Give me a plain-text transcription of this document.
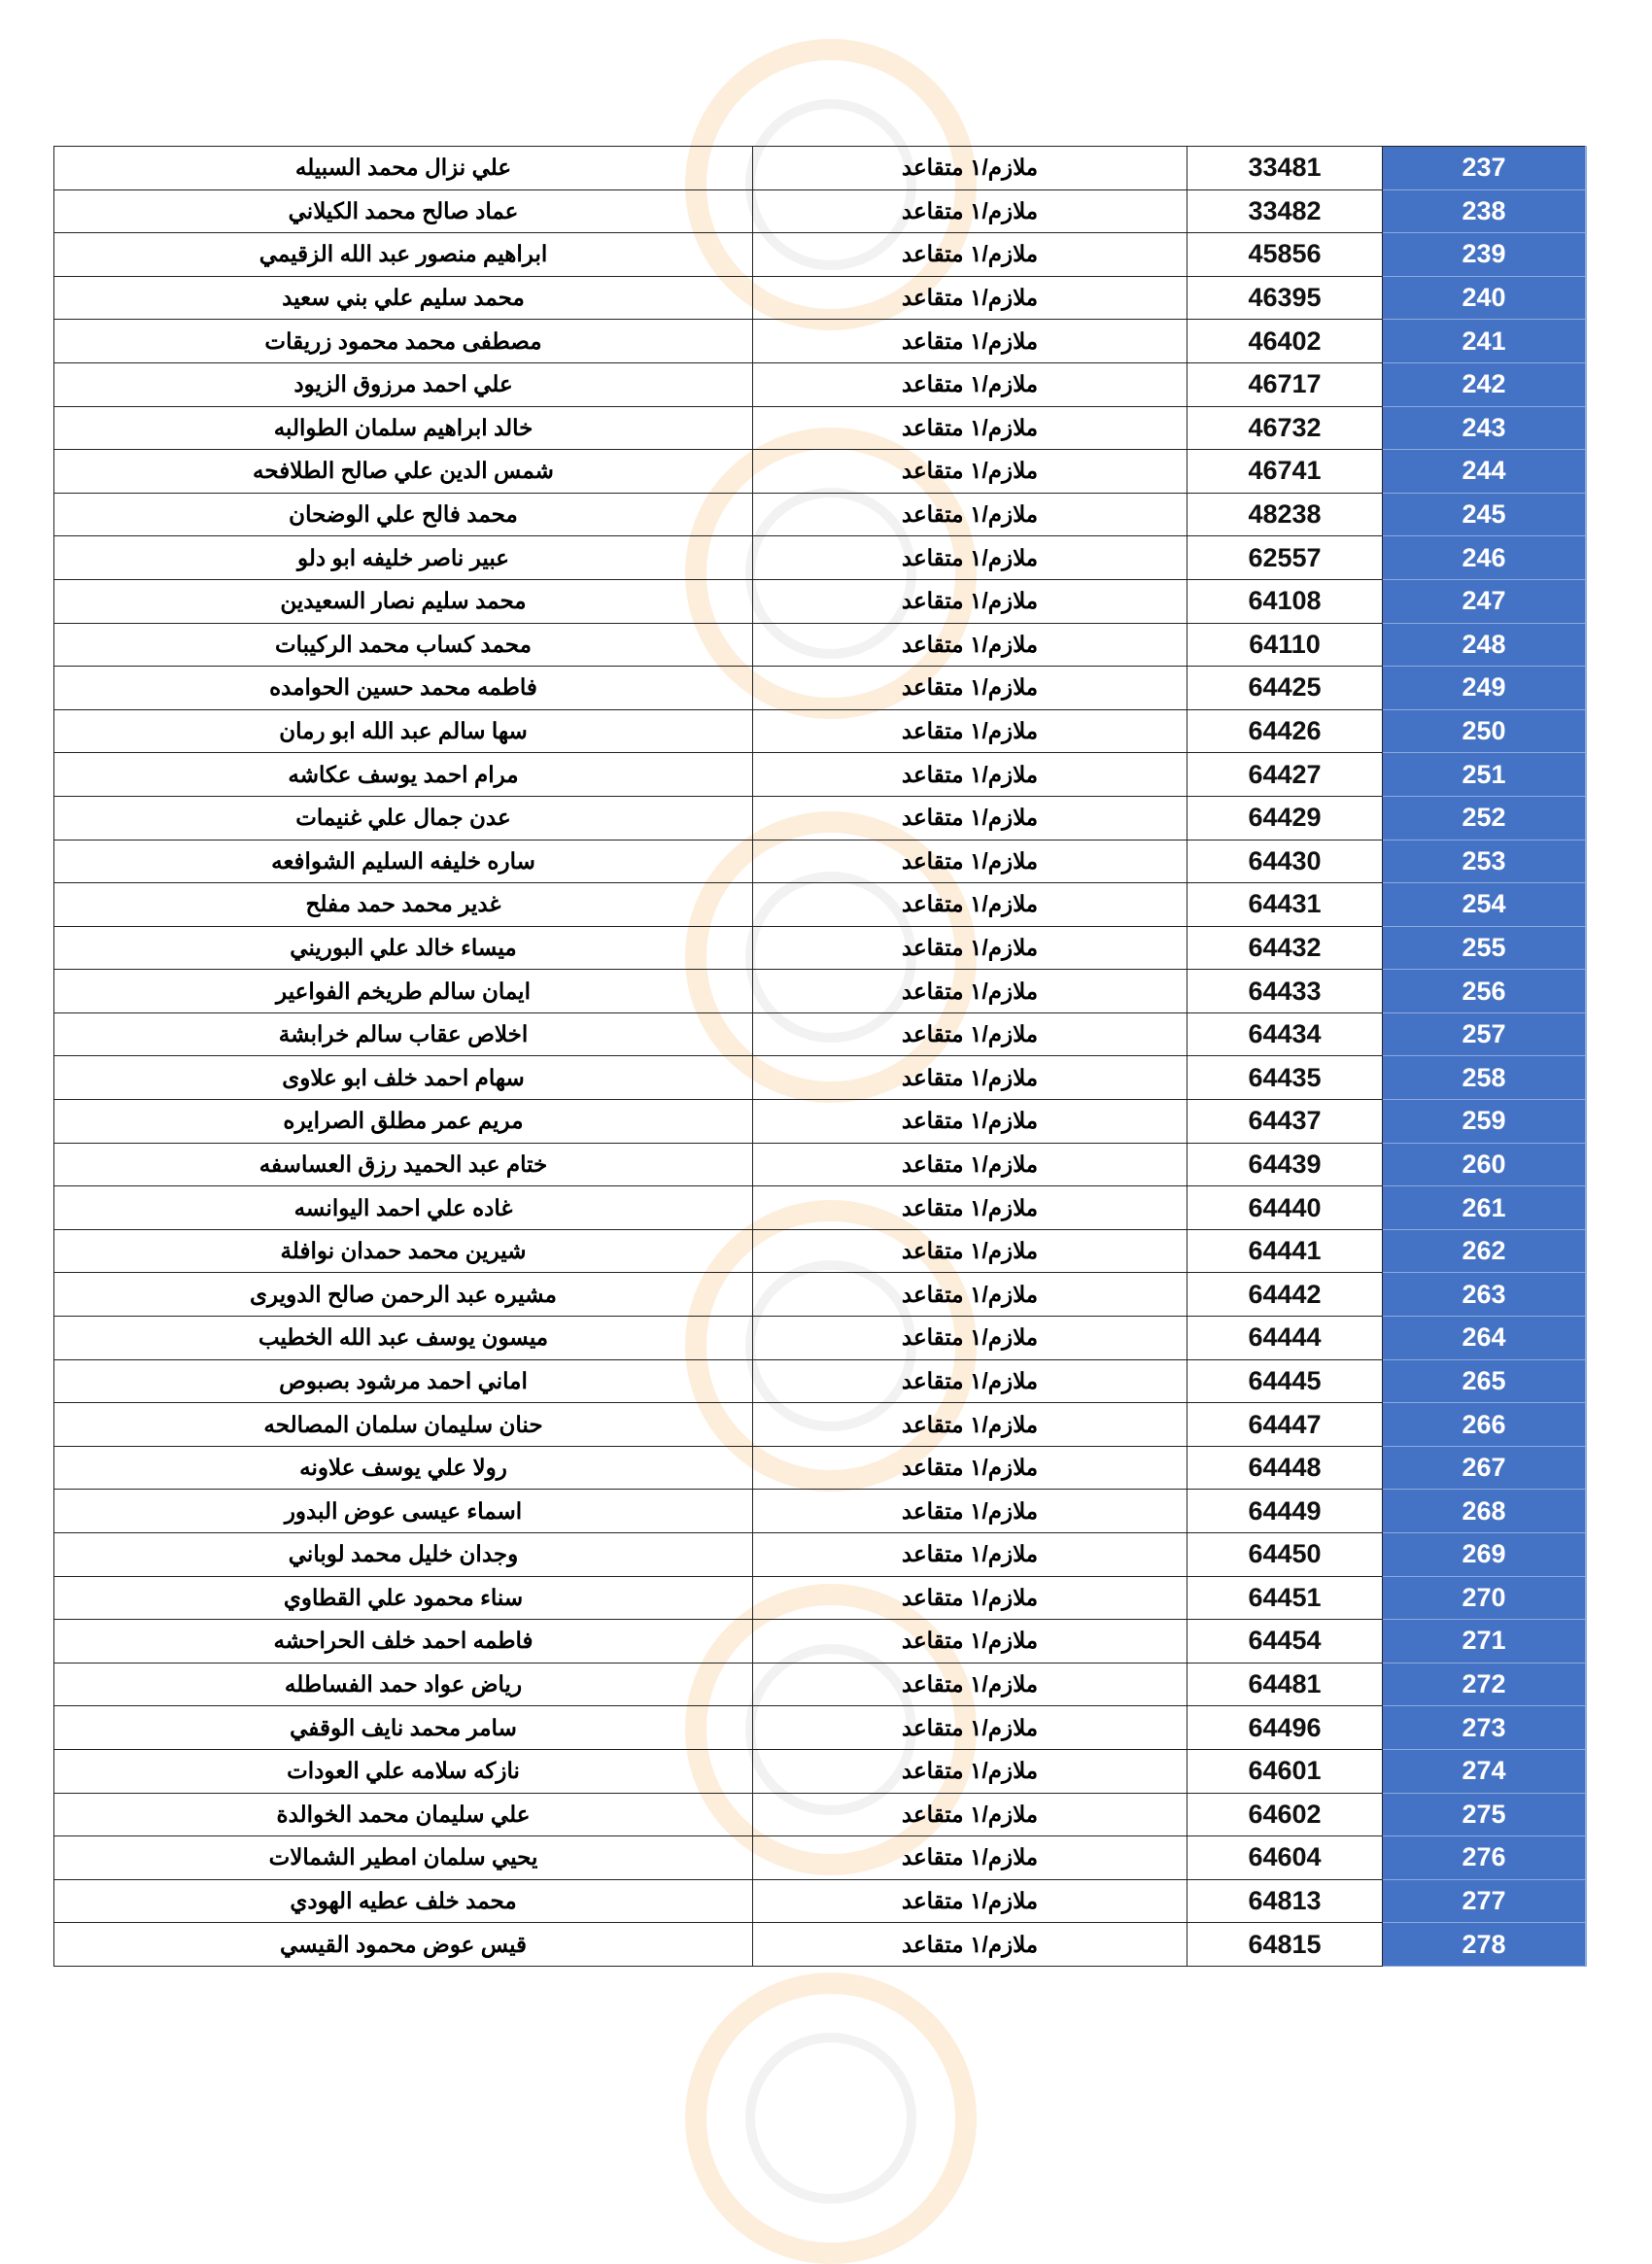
علي نزال محمد السبيله	ملازم/١ متقاعد	33481	237
عماد صالح محمد الكيلاني	ملازم/١ متقاعد	33482	238
ابراهيم منصور عبد الله الزقيمي	ملازم/١ متقاعد	45856	239
محمد سليم علي بني سعيد	ملازم/١ متقاعد	46395	240
مصطفى محمد محمود زريقات	ملازم/١ متقاعد	46402	241
علي احمد مرزوق الزيود	ملازم/١ متقاعد	46717	242
خالد ابراهيم سلمان الطوالبه	ملازم/١ متقاعد	46732	243
شمس الدين علي صالح الطلافحه	ملازم/١ متقاعد	46741	244
محمد فالح علي الوضحان	ملازم/١ متقاعد	48238	245
عبير ناصر خليفه ابو دلو	ملازم/١ متقاعد	62557	246
محمد سليم نصار السعيدين	ملازم/١ متقاعد	64108	247
محمد كساب محمد الركيبات	ملازم/١ متقاعد	64110	248
فاطمه محمد حسين الحوامده	ملازم/١ متقاعد	64425	249
سها سالم عبد الله ابو رمان	ملازم/١ متقاعد	64426	250
مرام احمد يوسف عكاشه	ملازم/١ متقاعد	64427	251
عدن جمال علي غنيمات	ملازم/١ متقاعد	64429	252
ساره خليفه السليم الشوافعه	ملازم/١ متقاعد	64430	253
غدير محمد حمد مفلح	ملازم/١ متقاعد	64431	254
ميساء خالد علي البوريني	ملازم/١ متقاعد	64432	255
ايمان سالم طريخم الفواعير	ملازم/١ متقاعد	64433	256
اخلاص عقاب سالم خرابشة	ملازم/١ متقاعد	64434	257
سهام احمد خلف ابو علاوى	ملازم/١ متقاعد	64435	258
مريم عمر مطلق الصرايره	ملازم/١ متقاعد	64437	259
ختام عبد الحميد رزق العساسفه	ملازم/١ متقاعد	64439	260
غاده علي احمد اليوانسه	ملازم/١ متقاعد	64440	261
شيرين محمد حمدان نوافلة	ملازم/١ متقاعد	64441	262
مشيره عبد الرحمن صالح الدويرى	ملازم/١ متقاعد	64442	263
ميسون يوسف عبد الله الخطيب	ملازم/١ متقاعد	64444	264
اماني احمد مرشود بصبوص	ملازم/١ متقاعد	64445	265
حنان سليمان سلمان المصالحه	ملازم/١ متقاعد	64447	266
رولا علي يوسف علاونه	ملازم/١ متقاعد	64448	267
اسماء عيسى عوض البدور	ملازم/١ متقاعد	64449	268
وجدان خليل محمد لوباني	ملازم/١ متقاعد	64450	269
سناء محمود علي القطاوي	ملازم/١ متقاعد	64451	270
فاطمه احمد خلف الحراحشه	ملازم/١ متقاعد	64454	271
رياض عواد حمد الفساطله	ملازم/١ متقاعد	64481	272
سامر محمد نايف الوقفي	ملازم/١ متقاعد	64496	273
نازكه سلامه علي العودات	ملازم/١ متقاعد	64601	274
علي سليمان محمد الخوالدة	ملازم/١ متقاعد	64602	275
يحيي سلمان امطير الشمالات	ملازم/١ متقاعد	64604	276
محمد خلف عطيه الهودي	ملازم/١ متقاعد	64813	277
قيس عوض محمود القيسي	ملازم/١ متقاعد	64815	278
